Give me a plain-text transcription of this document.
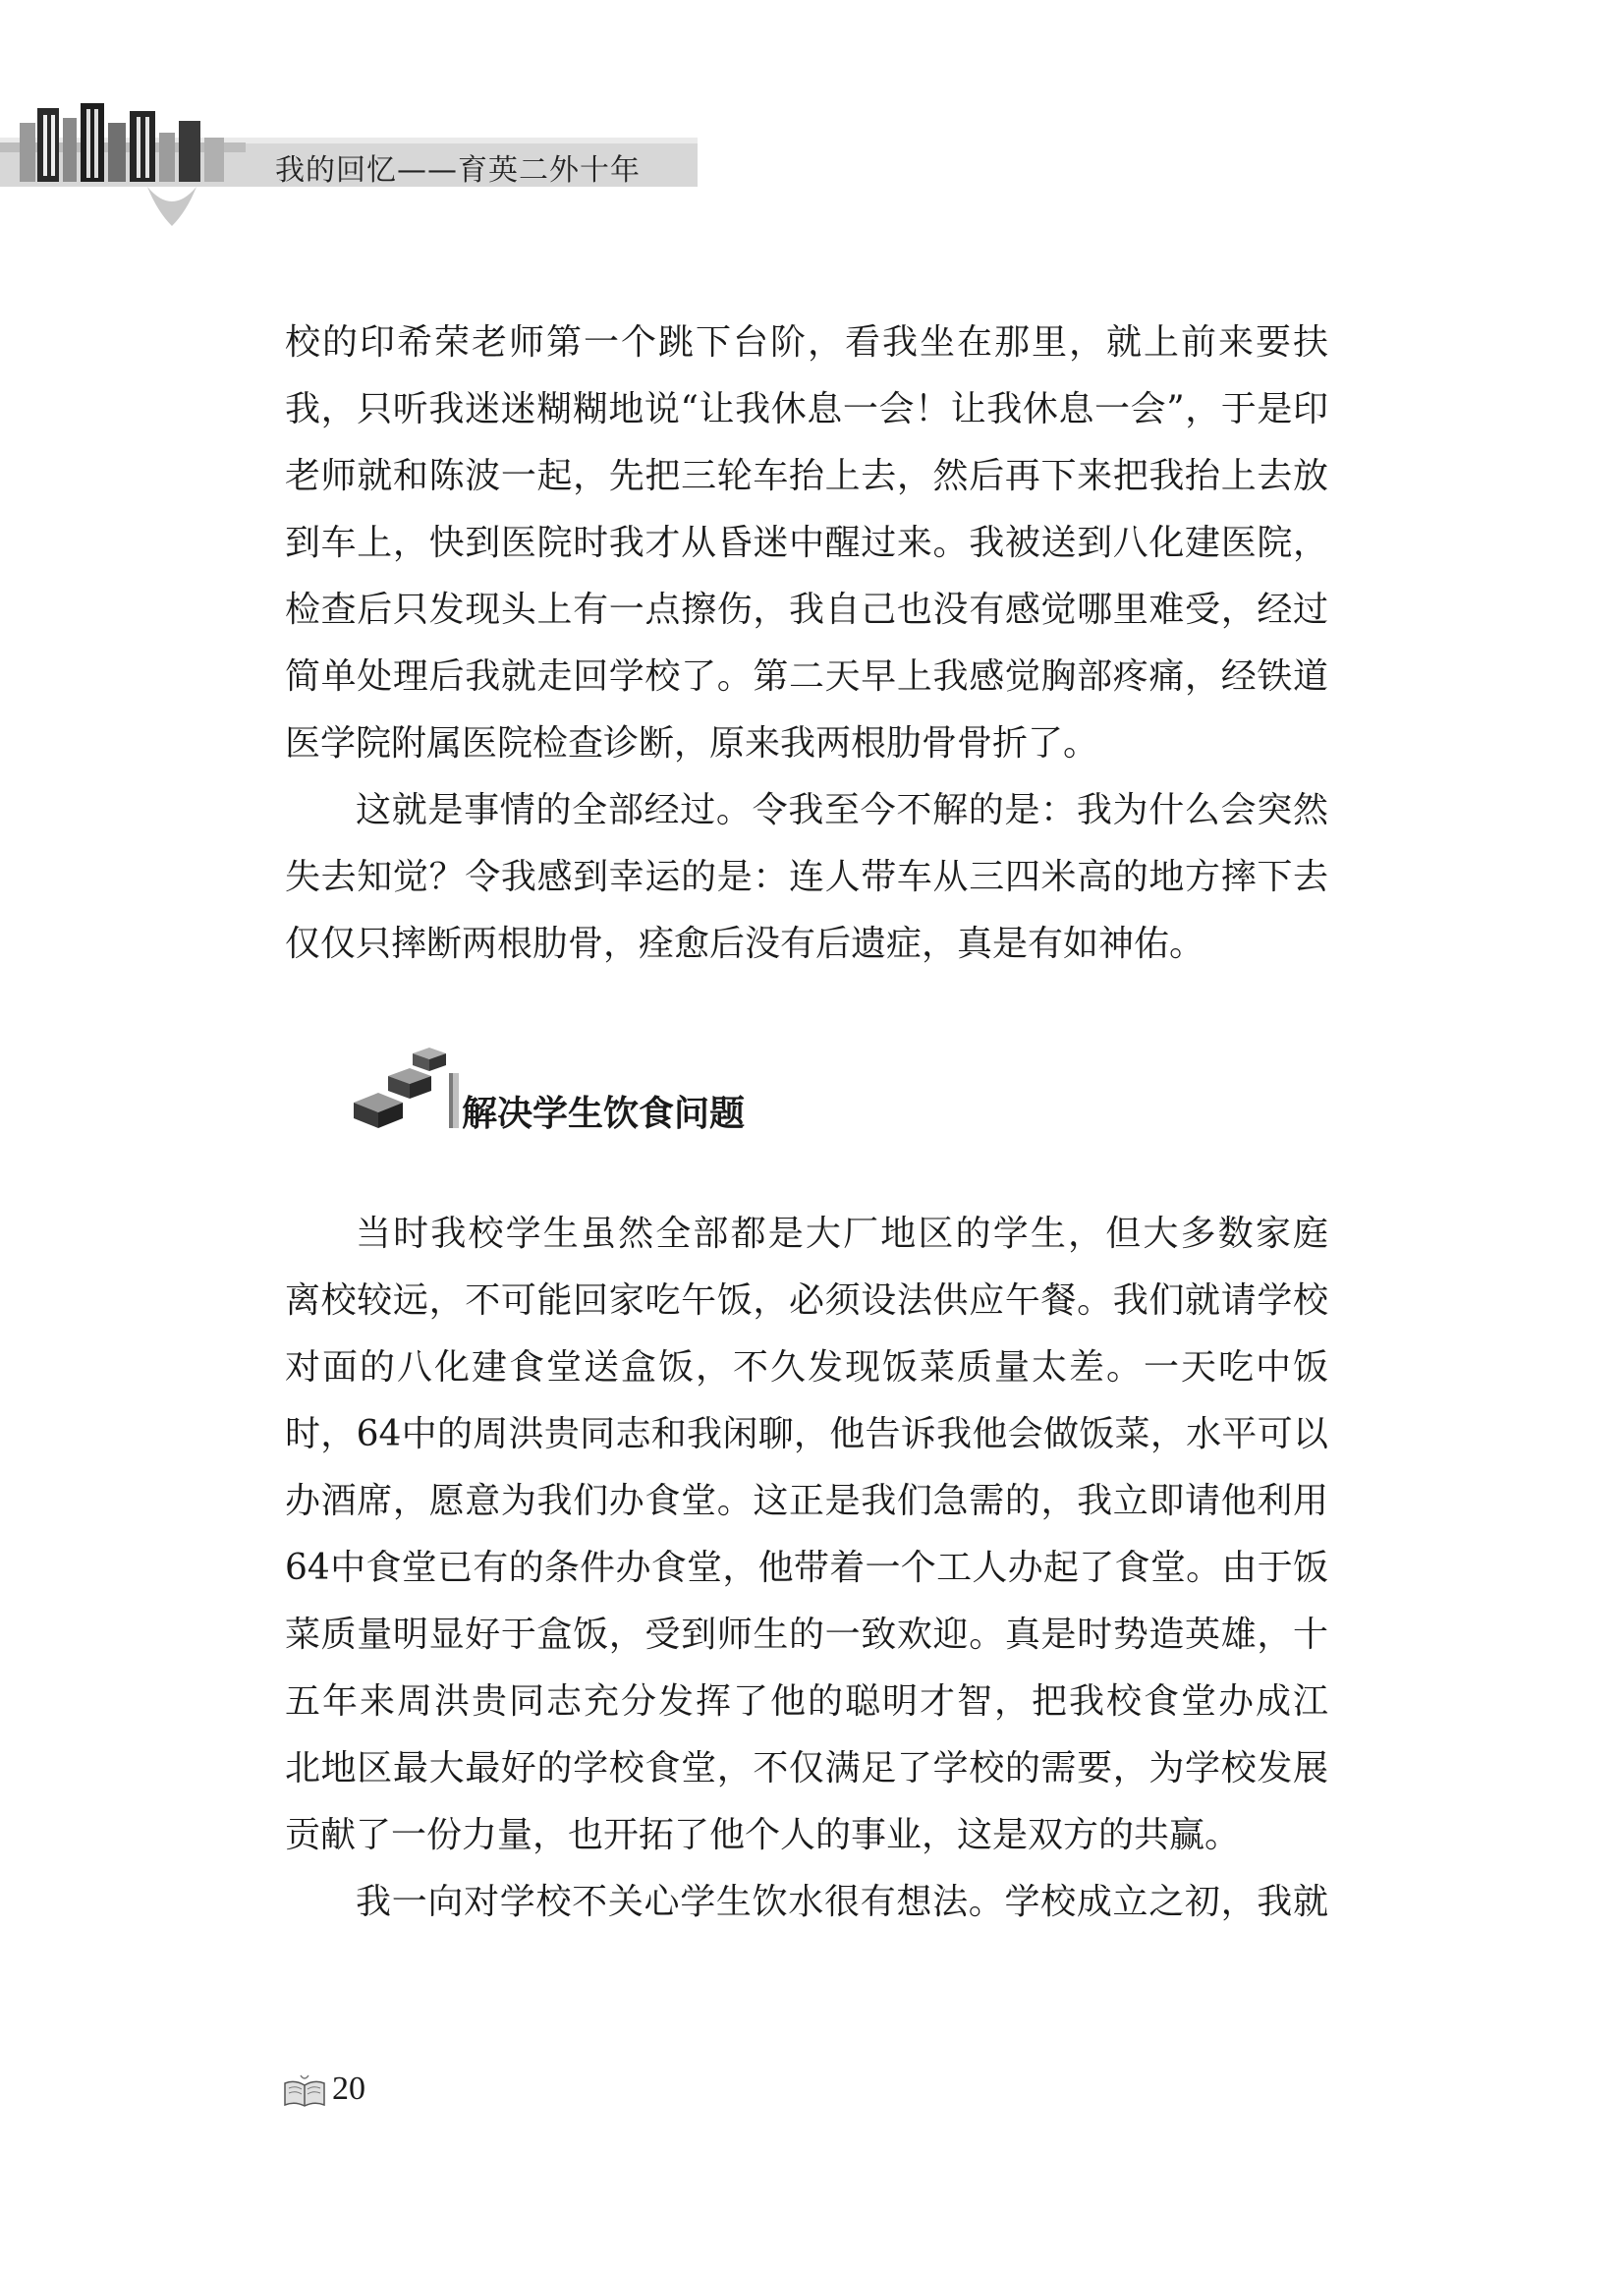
我的回忆——育英二外十年
校的印希荣老师第一个跳下台阶，看我坐在那里，就上前来要扶
我，只听我迷迷糊糊地说“让我休息一会！让我休息一会”，于是印
老师就和陈波一起，先把三轮车抬上去，然后再下来把我抬上去放
到车上，快到医院时我才从昏迷中醒过来。我被送到八化建医院，
检查后只发现头上有一点擦伤，我自己也没有感觉哪里难受，经过
简单处理后我就走回学校了。第二天早上我感觉胸部疼痛，经铁道
医学院附属医院检查诊断，原来我两根肋骨骨折了。
这就是事情的全部经过。令我至今不解的是：我为什么会突然
失去知觉？令我感到幸运的是：连人带车从三四米高的地方摔下去
仅仅只摔断两根肋骨，痊愈后没有后遗症，真是有如神佑。
解决学生饮食问题
当时我校学生虽然全部都是大厂地区的学生，但大多数家庭
离校较远，不可能回家吃午饭，必须设法供应午餐。我们就请学校
对面的八化建食堂送盒饭，不久发现饭菜质量太差。一天吃中饭
时，64中的周洪贵同志和我闲聊，他告诉我他会做饭菜，水平可以
办酒席，愿意为我们办食堂。这正是我们急需的，我立即请他利用
64中食堂已有的条件办食堂，他带着一个工人办起了食堂。由于饭
菜质量明显好于盒饭，受到师生的一致欢迎。真是时势造英雄，十
五年来周洪贵同志充分发挥了他的聪明才智，把我校食堂办成江
北地区最大最好的学校食堂，不仅满足了学校的需要，为学校发展
贡献了一份力量，也开拓了他个人的事业，这是双方的共赢。
我一向对学校不关心学生饮水很有想法。学校成立之初，我就
20
